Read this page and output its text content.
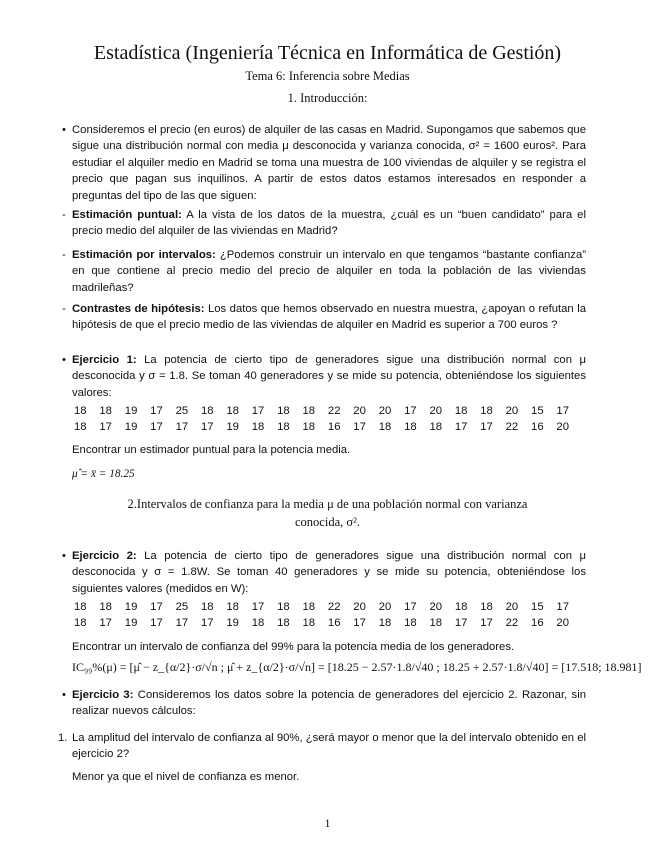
Estadística (Ingeniería Técnica en Informática de Gestión)
Tema 6: Inferencia sobre Medias
1. Introducción:
• Consideremos el precio (en euros) de alquiler de las casas en Madrid. Supongamos que sabemos que sigue una distribución normal con media μ desconocida y varianza conocida, σ² = 1600 euros². Para estudiar el alquiler medio en Madrid se toma una muestra de 100 viviendas de alquiler y se registra el precio que pagan sus inquilinos. A partir de estos datos estamos interesados en responder a preguntas del tipo de las que siguen:
- Estimación puntual: A la vista de los datos de la muestra, ¿cuál es un “buen candidato” para el precio medio del alquiler de las viviendas en Madrid?
- Estimación por intervalos: ¿Podemos construir un intervalo en que tengamos “bastante confianza” en que contiene al precio medio del precio de alquiler en toda la población de las viviendas madrileñas?
- Contrastes de hipótesis: Los datos que hemos observado en nuestra muestra, ¿apoyan o refutan la hipótesis de que el precio medio de las viviendas de alquiler en Madrid es superior a 700 euros ?
• Ejercicio 1: La potencia de cierto tipo de generadores sigue una distribución normal con μ desconocida y σ = 1.8. Se toman 40 generadores y se mide su potencia, obteniéndose los siguientes valores:
18	18	19	17	25	18	18	17	18	18	22	20	20	17	20	18	18	20	15	17
18	17	19	17	17	17	19	18	18	18	16	17	18	18	18	17	17	22	16	20
Encontrar un estimador puntual para la potencia media.
μ̂ = x̄ = 18.25
2.Intervalos de confianza para la media μ de una población normal con varianza
conocida, σ².
• Ejercicio 2: La potencia de cierto tipo de generadores sigue una distribución normal con μ desconocida y σ = 1.8W. Se toman 40 generadores y se mide su potencia, obteniéndose los siguientes valores (medidos en W):
18	18	19	17	25	18	18	17	18	18	22	20	20	17	20	18	18	20	15	17
18	17	19	17	17	17	19	18	18	18	16	17	18	18	18	17	17	22	16	20
Encontrar un intervalo de confianza del 99% para la potencia media de los generadores.
IC₉₉%(μ) = [μ̂ − z_{α/2}·σ/√n ; μ̂ + z_{α/2}·σ/√n] = [18.25 − 2.57·1.8/√40 ; 18.25 + 2.57·1.8/√40] = [17.518; 18.981]
• Ejercicio 3: Consideremos los datos sobre la potencia de generadores del ejercicio 2. Razonar, sin realizar nuevos cálculos:
1. La amplitud del intervalo de confianza al 90%, ¿será mayor o menor que la del intervalo obtenido en el ejercicio 2?
Menor ya que el nivel de confianza es menor.
1
